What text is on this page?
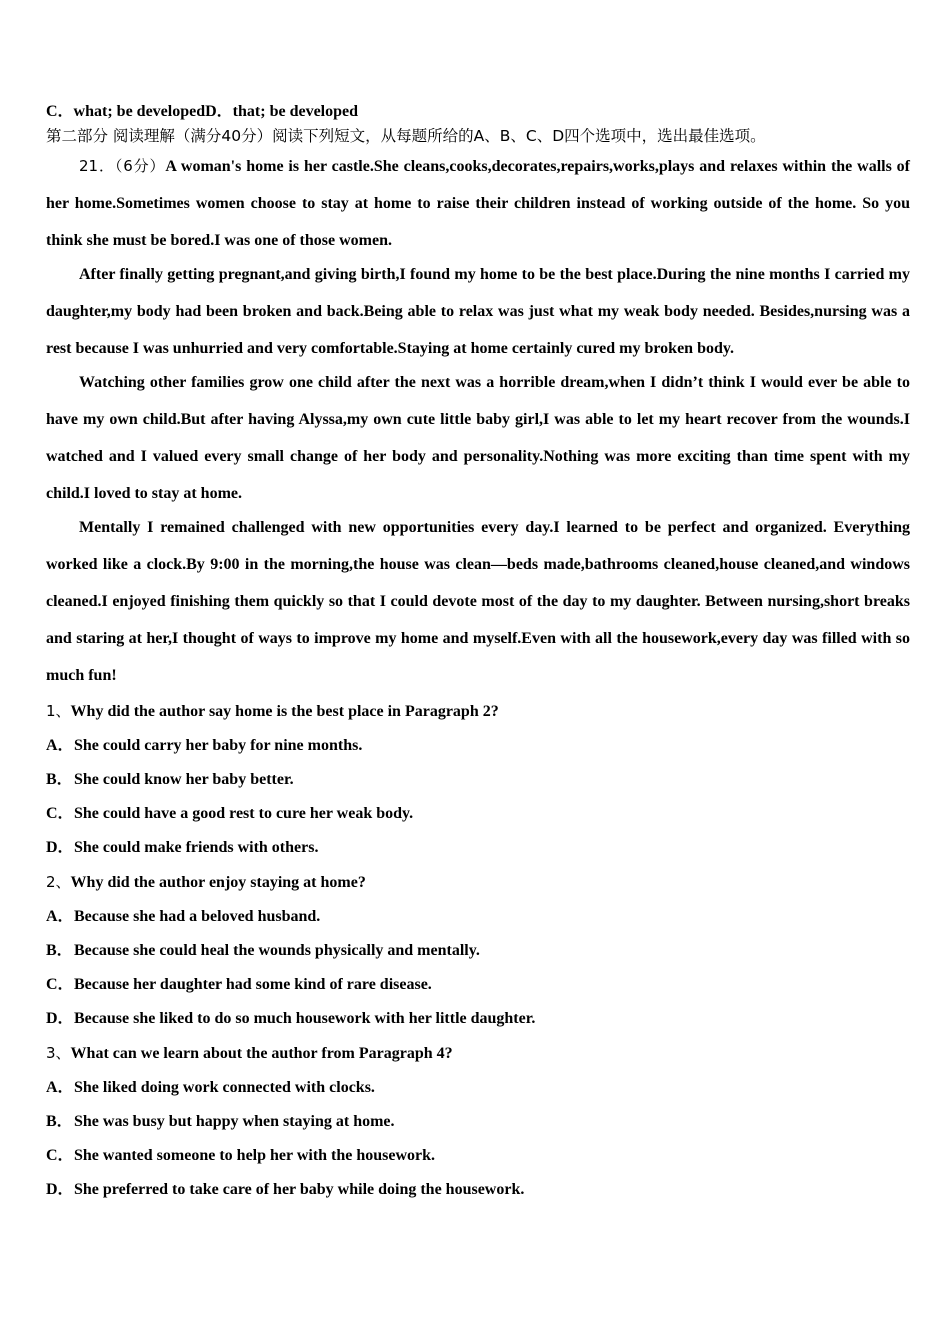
C．what; be developedD．that; be developed
第二部分 阅读理解（满分40分）阅读下列短文，从每题所给的A、B、C、D四个选项中，选出最佳选项。

21．（6分）A woman's home is her castle.She cleans,cooks,decorates,repairs,works,plays and relaxes within the walls of her home.Sometimes women choose to stay at home to raise their children instead of working outside of the home. So you think she must be bored.I was one of those women.

After finally getting pregnant,and giving birth,I found my home to be the best place.During the nine months I carried my daughter,my body had been broken and back.Being able to relax was just what my weak body needed. Besides,nursing was a rest because I was unhurried and very comfortable.Staying at home certainly cured my broken body.

Watching other families grow one child after the next was a horrible dream,when I didn’t think I would ever be able to have my own child.But after having Alyssa,my own cute little baby girl,I was able to let my heart recover from the wounds.I watched and I valued every small change of her body and personality.Nothing was more exciting than time spent with my child.I loved to stay at home.

Mentally I remained challenged with new opportunities every day.I learned to be perfect and organized. Everything worked like a clock.By 9:00 in the morning,the house was clean—beds made,bathrooms cleaned,house cleaned,and windows cleaned.I enjoyed finishing them quickly so that I could devote most of the day to my daughter. Between nursing,short breaks and staring at her,I thought of ways to improve my home and myself.Even with all the housework,every day was filled with so much fun!

1、Why did the author say home is the best place in Paragraph 2?
A．She could carry her baby for nine months.
B．She could know her baby better.
C．She could have a good rest to cure her weak body.
D．She could make friends with others.
2、Why did the author enjoy staying at home?
A．Because she had a beloved husband.
B．Because she could heal the wounds physically and mentally.
C．Because her daughter had some kind of rare disease.
D．Because she liked to do so much housework with her little daughter.
3、What can we learn about the author from Paragraph 4?
A．She liked doing work connected with clocks.
B．She was busy but happy when staying at home.
C．She wanted someone to help her with the housework.
D．She preferred to take care of her baby while doing the housework.
